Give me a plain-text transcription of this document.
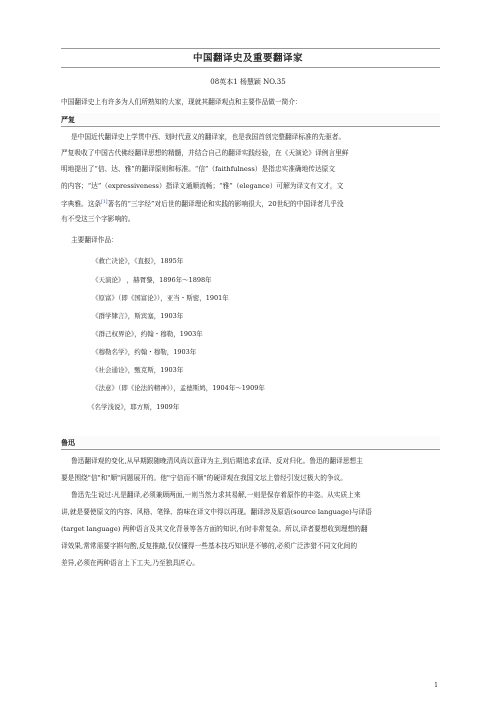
中国翻译史及重要翻译家
08英本1 杨慧颖 NO.35
中国翻译史上有许多为人们所熟知的大家，现就其翻译观点和主要作品做一简介：
严复
是中国近代翻译史上学贯中西、划时代意义的翻译家，也是我国首创完整翻译标准的先驱者。
严复吸收了中国古代佛经翻译思想的精髓，并结合自己的翻译实践经验，在《天演论》译例言里鲜
明地提出了“信、达、雅”的翻译原则和标准。“信”（faithfulness）是指忠实准确地传达原文
的内容；“达”（expressiveness）指译文通顺流畅；“雅”（elegance）可解为译文有文才，文
字典雅。这条[1]著名的“三字经”对后世的翻译理论和实践的影响很大，20世纪的中国译者几乎没
有不受这三个字影响的。
主要翻译作品：
《救亡决论》，《直报》，1895年
《天演论》 ，赫胥黎，1896年～1898年
《原富》（即《国富论》），亚当・斯密，1901年
《群学肄言》，斯宾塞，1903年
《群己权界论》，约翰・穆勒，1903年
《穆勒名学》，约翰・穆勒，1903年
《社会通诠》，甄克斯，1903年
《法意》（即《论法的精神》），孟德斯鸠，1904年～1909年
《名学浅说》，耶方斯，1909年
鲁迅
鲁迅翻译观的变化,从早期跟随晚清风尚以意译为主,到后期追求直译、反对归化。鲁迅的翻译思想主
要是围绕"信"和"顺"问题展开的。他"宁信而不顺"的硬译观在我国文坛上曾经引发过极大的争议。
鲁迅先生说过:凡是翻译,必须兼顾两面,一则当然力求其易解,一则是保存着原作的丰姿。从实质上来
讲,就是要使原文的内容、风格、笔锋、韵味在译文中得以再现。翻译涉及原语(source language)与译语
(target language) 两种语言及其文化背景等各方面的知识,有时非常复杂。所以,译者要想收到理想的翻
译效果,常常需要字斟句酌,反复推敲,仅仅懂得一些基本技巧知识是不够的,必须广泛涉猎不同文化间的
差异,必须在两种语言上下工夫,乃至独具匠心。
1
